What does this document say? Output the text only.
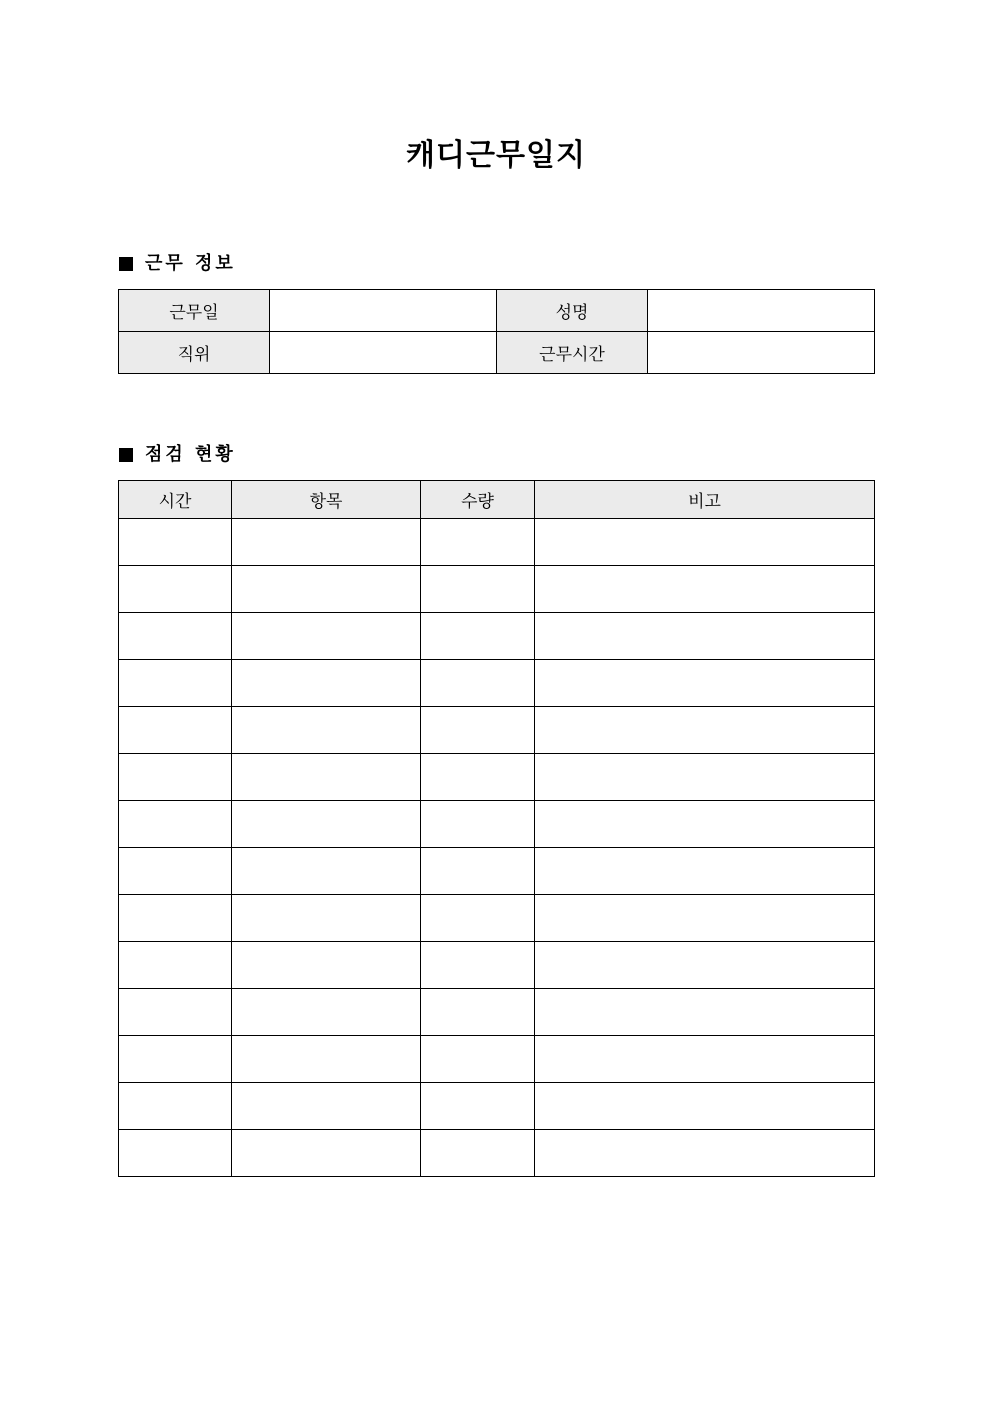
캐디근무일지
근무 정보
근무일		성명	
직위		근무시간	
점검 현황
시간	항목	수량	비고
